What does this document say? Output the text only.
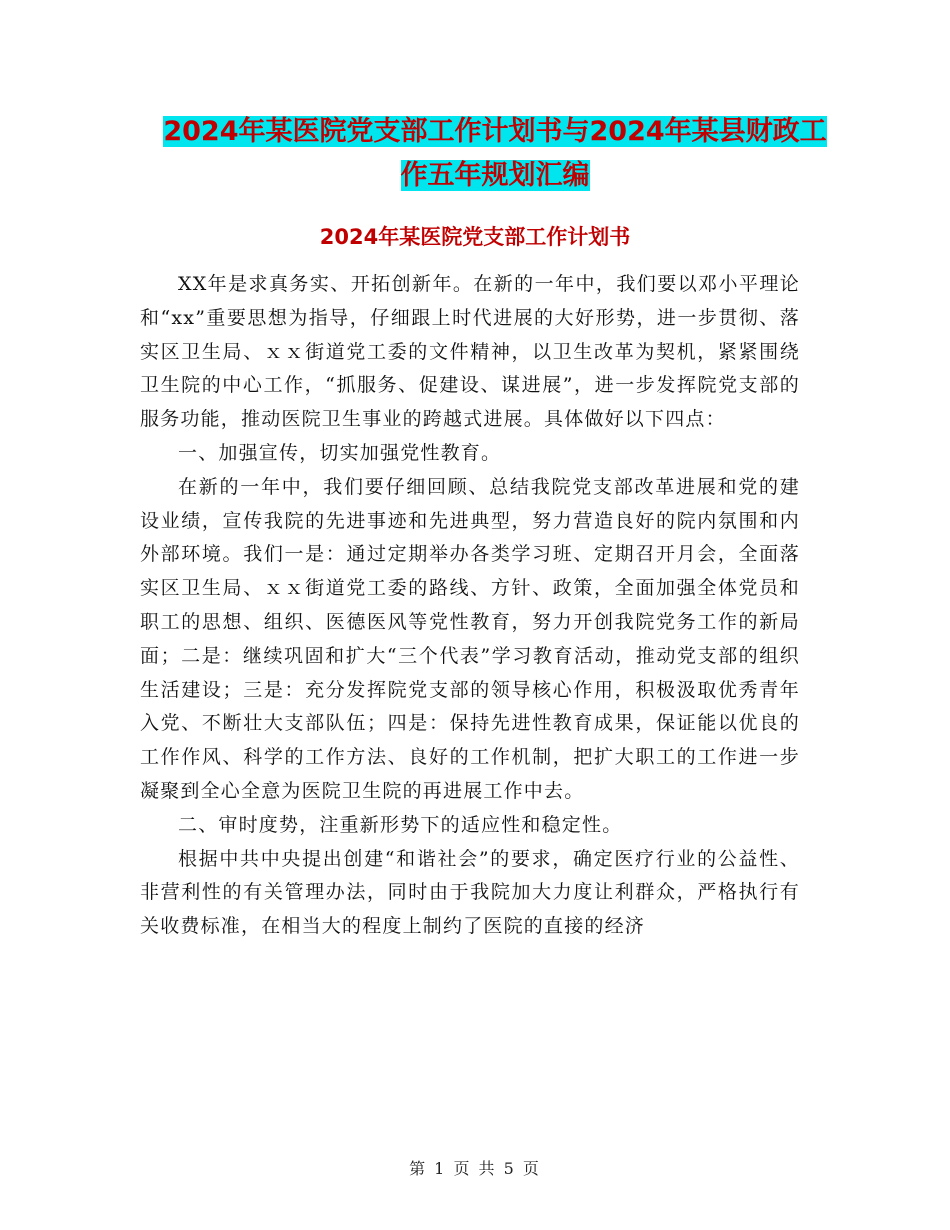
2024年某医院党支部工作计划书与2024年某县财政工
作五年规划汇编
2024年某医院党支部工作计划书

XX年是求真务实、开拓创新年。在新的一年中，我们要以邓小平理论和“xx”重要思想为指导，仔细跟上时代进展的大好形势，进一步贯彻、落实区卫生局、ｘｘ街道党工委的文件精神，以卫生改革为契机，紧紧围绕卫生院的中心工作，“抓服务、促建设、谋进展”，进一步发挥院党支部的服务功能，推动医院卫生事业的跨越式进展。具体做好以下四点：

一、加强宣传，切实加强党性教育。

在新的一年中，我们要仔细回顾、总结我院党支部改革进展和党的建设业绩，宣传我院的先进事迹和先进典型，努力营造良好的院内氛围和内外部环境。我们一是：通过定期举办各类学习班、定期召开月会，全面落实区卫生局、ｘｘ街道党工委的路线、方针、政策，全面加强全体党员和职工的思想、组织、医德医风等党性教育，努力开创我院党务工作的新局面；二是：继续巩固和扩大“三个代表”学习教育活动，推动党支部的组织生活建设；三是：充分发挥院党支部的领导核心作用，积极汲取优秀青年入党、不断壮大支部队伍；四是：保持先进性教育成果，保证能以优良的工作作风、科学的工作方法、良好的工作机制，把扩大职工的工作进一步凝聚到全心全意为医院卫生院的再进展工作中去。

二、审时度势，注重新形势下的适应性和稳定性。

根据中共中央提出创建“和谐社会”的要求，确定医疗行业的公益性、非营利性的有关管理办法，同时由于我院加大力度让利群众，严格执行有关收费标准，在相当大的程度上制约了医院的直接的经济

第 1 页 共 5 页
